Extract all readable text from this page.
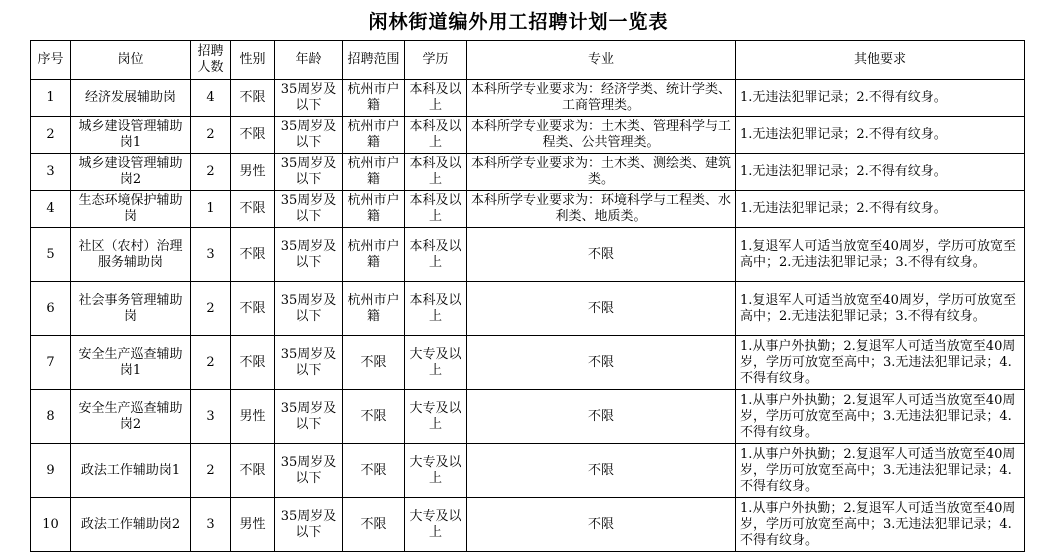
闲林街道编外用工招聘计划一览表
序号	岗位	招聘人数	性别	年龄	招聘范围	学历	专业	其他要求

1	经济发展辅助岗	4	不限	35周岁及以下	杭州市户籍	本科及以上	本科所学专业要求为：经济学类、统计学类、工商管理类。	1.无违法犯罪记录；2.不得有纹身。

2	城乡建设管理辅助岗1	2	不限	35周岁及以下	杭州市户籍	本科及以上	本科所学专业要求为：土木类、管理科学与工程类、公共管理类。	1.无违法犯罪记录；2.不得有纹身。

3	城乡建设管理辅助岗2	2	男性	35周岁及以下	杭州市户籍	本科及以上	本科所学专业要求为：土木类、测绘类、建筑类。	1.无违法犯罪记录；2.不得有纹身。

4	生态环境保护辅助岗	1	不限	35周岁及以下	杭州市户籍	本科及以上	本科所学专业要求为：环境科学与工程类、水利类、地质类。	1.无违法犯罪记录；2.不得有纹身。

5	社区（农村）治理服务辅助岗	3	不限	35周岁及以下	杭州市户籍	本科及以上	不限	1.复退军人可适当放宽至40周岁，学历可放宽至高中；2.无违法犯罪记录；3.不得有纹身。

6	社会事务管理辅助岗	2	不限	35周岁及以下	杭州市户籍	本科及以上	不限	1.复退军人可适当放宽至40周岁，学历可放宽至高中；2.无违法犯罪记录；3.不得有纹身。

7	安全生产巡查辅助岗1	2	不限	35周岁及以下	不限	大专及以上	不限	1.从事户外执勤；2.复退军人可适当放宽至40周岁，学历可放宽至高中；3.无违法犯罪记录；4.不得有纹身。

8	安全生产巡查辅助岗2	3	男性	35周岁及以下	不限	大专及以上	不限	1.从事户外执勤；2.复退军人可适当放宽至40周岁，学历可放宽至高中；3.无违法犯罪记录；4.不得有纹身。

9	政法工作辅助岗1	2	不限	35周岁及以下	不限	大专及以上	不限	1.从事户外执勤；2.复退军人可适当放宽至40周岁，学历可放宽至高中；3.无违法犯罪记录；4.不得有纹身。

10	政法工作辅助岗2	3	男性	35周岁及以下	不限	大专及以上	不限	1.从事户外执勤；2.复退军人可适当放宽至40周岁，学历可放宽至高中；3.无违法犯罪记录；4.不得有纹身。
